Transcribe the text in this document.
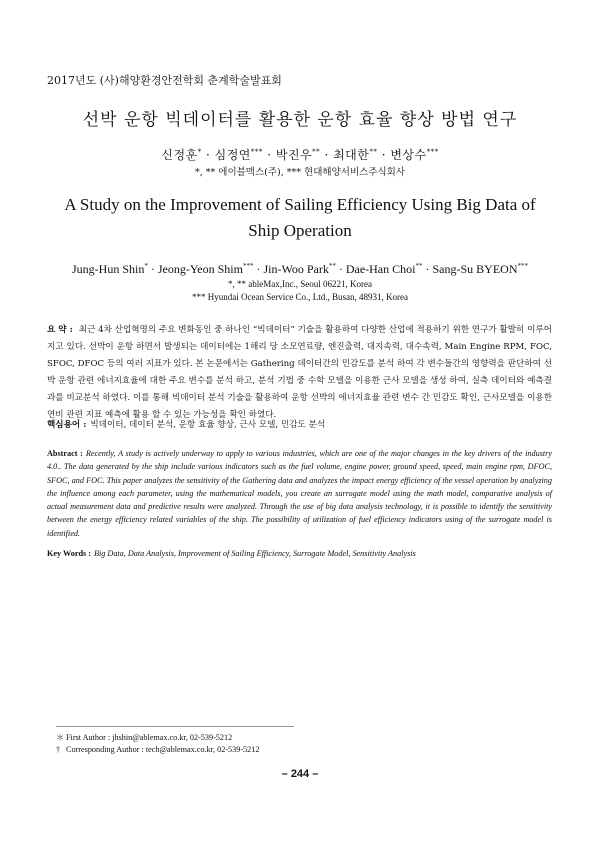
2017년도 (사)해양환경안전학회 춘계학술발표회
선박 운항 빅데이터를 활용한 운항 효율 향상 방법 연구
신정훈* · 심정연*** · 박진우** · 최대한** · 변상수***
*, ** 에이블맥스(주), *** 현대해양서비스주식회사
A Study on the Improvement of Sailing Efficiency Using Big Data of
Ship Operation
Jung-Hun Shin* · Jeong-Yeon Shim*** · Jin-Woo Park** · Dae-Han Choi** · Sang-Su BYEON***
*, ** ableMax,Inc., Seoul 06221, Korea
*** Hyundai Ocean Service Co., Ltd., Busan, 48931, Korea
요 약 : 최근 4차 산업혁명의 주요 변화동인 중 하나인 “빅데이터” 기술을 활용하여 다양한 산업에 적용하기 위한 연구가 활발히 이루어지고 있다. 선박이 운항 하면서 발생되는 데이터에는 1해리 당 소모연료량, 엔진출력, 대지속력, 대수속력, Main Engine RPM, FOC, SFOC, DFOC 등의 여러 지표가 있다. 본 논문에서는 Gathering 데이터간의 민감도를 분석 하여 각 변수들간의 영향력을 판단하여 선박 운항 관련 에너지효율에 대한 주요 변수를 분석 하고, 분석 기법 중 수학 모델을 이용한 근사 모델을 생성 하여, 실측 데이터와 예측결과를 비교분석 하였다. 이를 통해 빅데이터 분석 기술을 활용하여 운항 선박의 에너지효율 관련 변수 간 민감도 확인, 근사모델을 이용한 연비 관련 지표 예측에 활용 할 수 있는 가능성을 확인 하였다.
핵심용어 : 빅데이터, 데이터 분석, 운항 효율 향상, 근사 모델, 민감도 분석
Abstract : Recently, A study is actively underway to apply to various industries, which are one of the major changes in the key drivers of the industry 4.0.. The data generated by the ship include various indicators such as the fuel volume, engine power, ground speed, speed, main engine rpm, DFOC, SFOC, and FOC. This paper analyzes the sensitivity of the Gathering data and analyzes the impact energy efficiency of the vessel operation by analyzing the influence among each parameter, using the mathematical models, you create an surrogate model using the math model, comparative analysis of actual measurement data and predictive results were analyzed. Through the use of big data analysis technology, it is possible to identify the sensitivity between the energy efficiency related variables of the ship. The possibility of utilization of fuel efficiency indicators using of the surrogate model is identified.
Key Words : Big Data, Data Analysis, Improvement of Sailing Efficiency, Surrogate Model, Sensitivity Analysis
＊ First Author : jhshin@ablemax.co.kr, 02-539-5212
† Corresponding Author : tech@ablemax.co.kr, 02-539-5212
– 244 –
